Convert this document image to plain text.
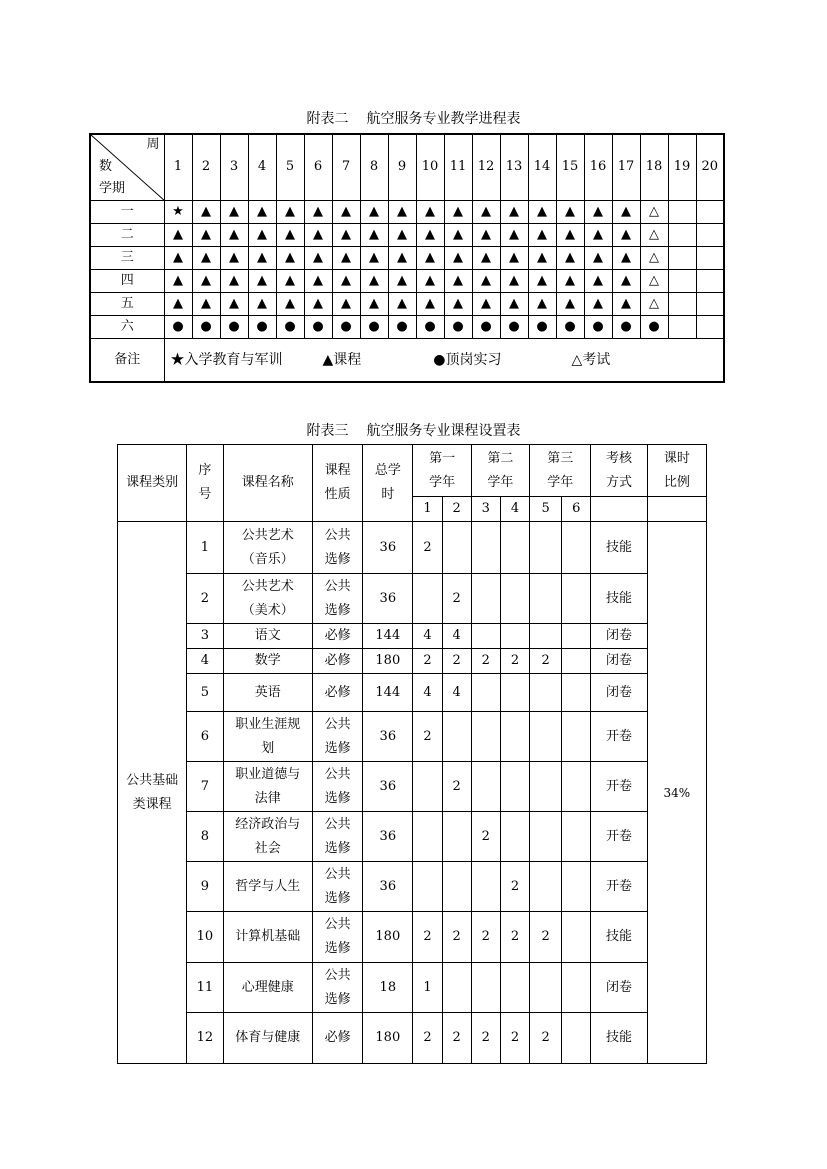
附表二 航空服务专业教学进程表
周
数
学期	1	2	3	4	5	6	7	8	9	10	11	12	13	14	15	16	17	18	19	20
一	★	▲	▲	▲	▲	▲	▲	▲	▲	▲	▲	▲	▲	▲	▲	▲	▲	△		
二	▲	▲	▲	▲	▲	▲	▲	▲	▲	▲	▲	▲	▲	▲	▲	▲	▲	△		
三	▲	▲	▲	▲	▲	▲	▲	▲	▲	▲	▲	▲	▲	▲	▲	▲	▲	△		
四	▲	▲	▲	▲	▲	▲	▲	▲	▲	▲	▲	▲	▲	▲	▲	▲	▲	△		
五	▲	▲	▲	▲	▲	▲	▲	▲	▲	▲	▲	▲	▲	▲	▲	▲	▲	△		
六	●	●	●	●	●	●	●	●	●	●	●	●	●	●	●	●	●	●		
备注	★入学教育与军训 ▲课程 ●顶岗实习 △考试																			
附表三 航空服务专业课程设置表
课程类别	序号	课程名称	课程性质	总学时	第一学年		第二学年		第三学年		考核方式	课时比例

					1	2	3	4	5	6		

公共基础类课程	1	公共艺术（音乐）	公共选修	36	2						技能	34%
	2	公共艺术（美术）	公共选修	36		2					技能	
	3	语文	必修	144	4	4					闭卷	
	4	数学	必修	180	2	2	2	2	2		闭卷	
	5	英语	必修	144	4	4					闭卷	
	6	职业生涯规划	公共选修	36	2						开卷	
	7	职业道德与法律	公共选修	36		2					开卷	
	8	经济政治与社会	公共选修	36			2				开卷	
	9	哲学与人生	公共选修	36				2			开卷	
	10	计算机基础	公共选修	180	2	2	2	2	2		技能	
	11	心理健康	公共选修	18	1						闭卷	
	12	体育与健康	必修	180	2	2	2	2	2		技能	
